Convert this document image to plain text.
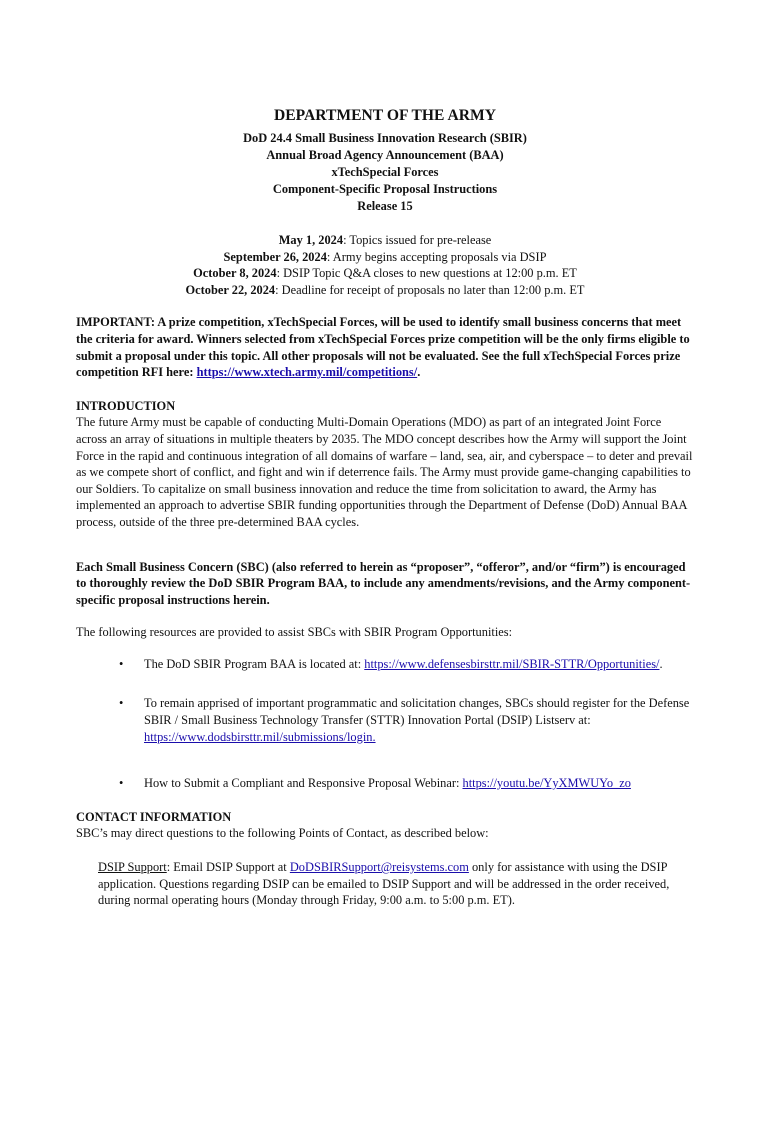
DEPARTMENT OF THE ARMY
DoD 24.4 Small Business Innovation Research (SBIR)
Annual Broad Agency Announcement (BAA)
xTechSpecial Forces
Component-Specific Proposal Instructions
Release 15
May 1, 2024: Topics issued for pre-release
September 26, 2024: Army begins accepting proposals via DSIP
October 8, 2024: DSIP Topic Q&A closes to new questions at 12:00 p.m. ET
October 22, 2024: Deadline for receipt of proposals no later than 12:00 p.m. ET
IMPORTANT: A prize competition, xTechSpecial Forces, will be used to identify small business concerns that meet the criteria for award. Winners selected from xTechSpecial Forces prize competition will be the only firms eligible to submit a proposal under this topic. All other proposals will not be evaluated. See the full xTechSpecial Forces prize competition RFI here: https://www.xtech.army.mil/competitions/.
INTRODUCTION
The future Army must be capable of conducting Multi-Domain Operations (MDO) as part of an integrated Joint Force across an array of situations in multiple theaters by 2035. The MDO concept describes how the Army will support the Joint Force in the rapid and continuous integration of all domains of warfare – land, sea, air, and cyberspace – to deter and prevail as we compete short of conflict, and fight and win if deterrence fails. The Army must provide game-changing capabilities to our Soldiers. To capitalize on small business innovation and reduce the time from solicitation to award, the Army has implemented an approach to advertise SBIR funding opportunities through the Department of Defense (DoD) Annual BAA process, outside of the three pre-determined BAA cycles.
Each Small Business Concern (SBC) (also referred to herein as “proposer”, “offeror”, and/or “firm”) is encouraged to thoroughly review the DoD SBIR Program BAA, to include any amendments/revisions, and the Army component-specific proposal instructions herein.
The following resources are provided to assist SBCs with SBIR Program Opportunities:
• The DoD SBIR Program BAA is located at: https://www.defensesbirsttr.mil/SBIR-STTR/Opportunities/.
• To remain apprised of important programmatic and solicitation changes, SBCs should register for the Defense SBIR / Small Business Technology Transfer (STTR) Innovation Portal (DSIP) Listserv at: https://www.dodsbirsttr.mil/submissions/login.
• How to Submit a Compliant and Responsive Proposal Webinar: https://youtu.be/YyXMWUYo_zo
CONTACT INFORMATION
SBC’s may direct questions to the following Points of Contact, as described below:
DSIP Support: Email DSIP Support at DoDSBIRSupport@reisystems.com only for assistance with using the DSIP application. Questions regarding DSIP can be emailed to DSIP Support and will be addressed in the order received, during normal operating hours (Monday through Friday, 9:00 a.m. to 5:00 p.m. ET).
